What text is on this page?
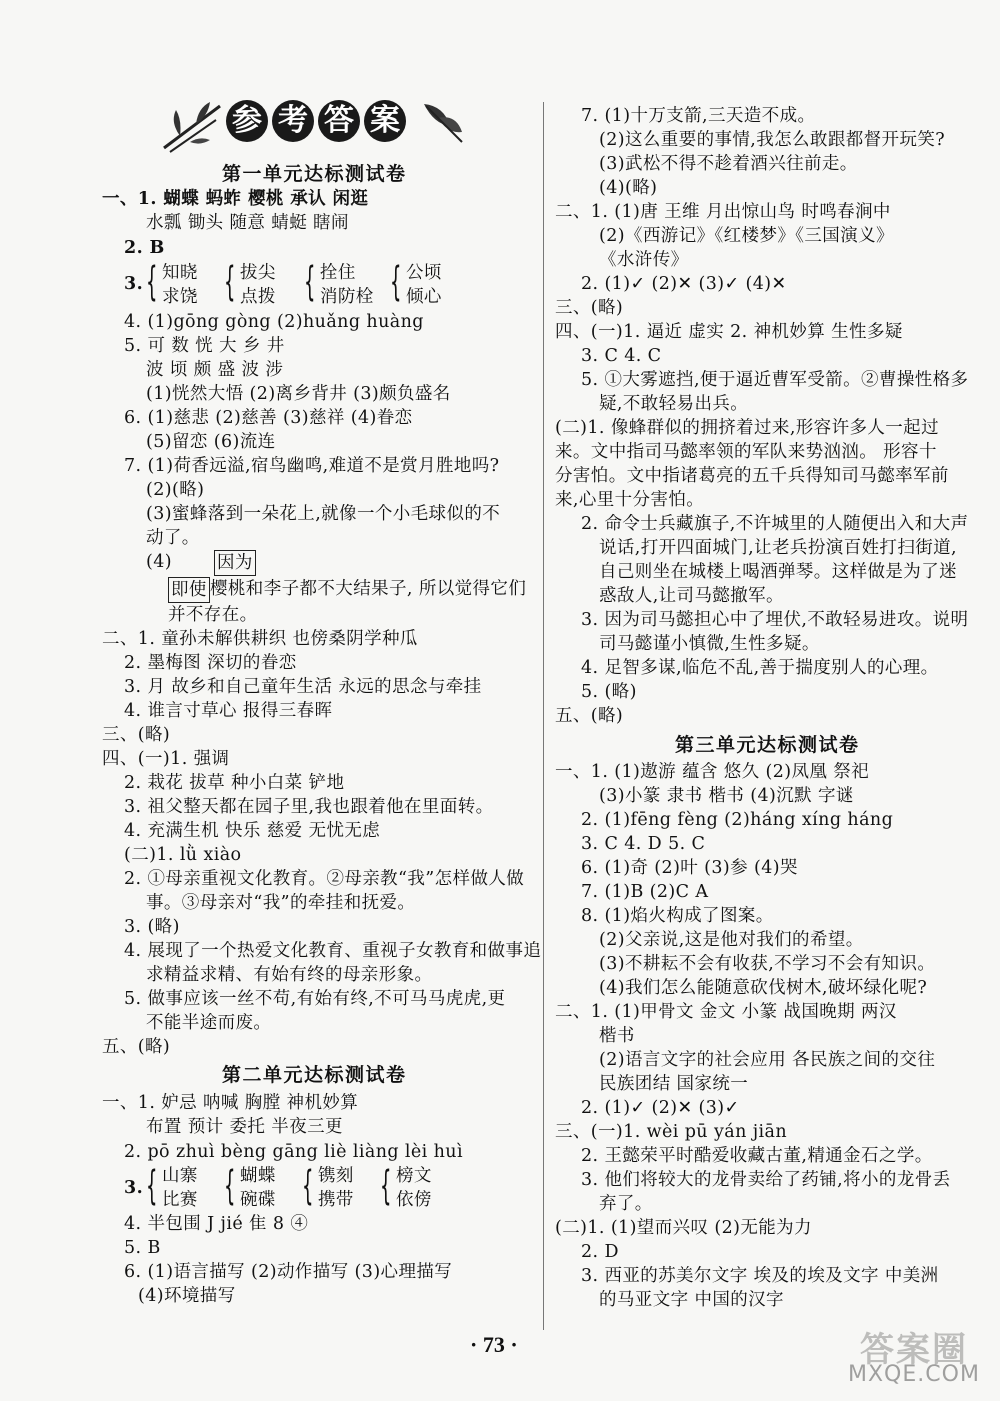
参 考 答 案
第一单元达标测试卷
一、1. 蝴蝶 蚂蚱 樱桃 承认 闲逛
水瓢 锄头 随意 蜻蜓 瞎闹
2. B
3. { 知晓
求饶 { 拔尖
点拨 { 拴住
消防栓 { 公顷
倾心
4. (1)gōng gòng (2)huǎng huàng
5. 可 数 恍 大 乡 井
波 顷 颇 盛 波 涉
(1)恍然大悟 (2)离乡背井 (3)颇负盛名
6. (1)慈悲 (2)慈善 (3)慈祥 (4)眷恋
(5)留恋 (6)流连
7. (1)荷香远溢,宿鸟幽鸣,难道不是赏月胜地吗?
(2)(略)
(3)蜜蜂落到一朵花上,就像一个小毛球似的不
动了。
(4)	因为
即使 樱桃和李子都不大结果子, 所以觉得它们
并不存在。
二、1. 童孙未解供耕织 也傍桑阴学种瓜
2. 墨梅图 深切的眷恋
3. 月 故乡和自己童年生活 永远的思念与牵挂
4. 谁言寸草心 报得三春晖
三、(略)
四、(一)1. 强调
2. 栽花 拔草 种小白菜 铲地
3. 祖父整天都在园子里,我也跟着他在里面转。
4. 充满生机 快乐 慈爱 无忧无虑
(二)1. lǜ xiào
2. ①母亲重视文化教育。②母亲教“我”怎样做人做
事。③母亲对“我”的牵挂和抚爱。
3. (略)
4. 展现了一个热爱文化教育、重视子女教育和做事追
求精益求精、有始有终的母亲形象。
5. 做事应该一丝不苟,有始有终,不可马马虎虎,更
不能半途而废。
五、(略)
第二单元达标测试卷
一、1. 妒忌 呐喊 胸膛 神机妙算
布置 预计 委托 半夜三更
2. pō zhuì bèng gāng liè liàng lèi huì
3. { 山寨
比赛 { 蝴蝶
碗碟 { 镌刻
携带 { 榜文
依傍
4. 半包围 J jié 隹 8 ④
5. B
6. (1)语言描写 (2)动作描写 (3)心理描写
(4)环境描写
7. (1)十万支箭,三天造不成。
(2)这么重要的事情,我怎么敢跟都督开玩笑?
(3)武松不得不趁着酒兴往前走。
(4)(略)
二、1. (1)唐 王维 月出惊山鸟 时鸣春涧中
(2)《西游记》《红楼梦》《三国演义》
《水浒传》
2. (1)✓ (2)✕ (3)✓ (4)✕
三、(略)
四、(一)1. 逼近 虚实 2. 神机妙算 生性多疑
3. C 4. C
5. ①大雾遮挡,便于逼近曹军受箭。②曹操性格多
疑,不敢轻易出兵。
(二)1. 像蜂群似的拥挤着过来,形容许多人一起过
来。文中指司马懿率领的军队来势汹汹。 形容十
分害怕。文中指诸葛亮的五千兵得知司马懿率军前
来,心里十分害怕。
2. 命令士兵藏旗子,不许城里的人随便出入和大声
说话,打开四面城门,让老兵扮演百姓打扫街道,
自己则坐在城楼上喝酒弹琴。这样做是为了迷
惑敌人,让司马懿撤军。
3. 因为司马懿担心中了埋伏,不敢轻易进攻。说明
司马懿谨小慎微,生性多疑。
4. 足智多谋,临危不乱,善于揣度别人的心理。
5. (略)
五、(略)
第三单元达标测试卷
一、1. (1)遨游 蕴含 悠久 (2)凤凰 祭祀
(3)小篆 隶书 楷书 (4)沉默 字谜
2. (1)fēng fèng (2)háng xíng háng
3. C 4. D 5. C
6. (1)奇 (2)叶 (3)参 (4)哭
7. (1)B (2)C A
8. (1)焰火构成了图案。
(2)父亲说,这是他对我们的希望。
(3)不耕耘不会有收获,不学习不会有知识。
(4)我们怎么能随意砍伐树木,破坏绿化呢?
二、1. (1)甲骨文 金文 小篆 战国晚期 两汉
楷书
(2)语言文字的社会应用 各民族之间的交往
民族团结 国家统一
2. (1)✓ (2)✕ (3)✓
三、(一)1. wèi pū yán jiān
2. 王懿荣平时酷爱收藏古董,精通金石之学。
3. 他们将较大的龙骨卖给了药铺,将小的龙骨丢
弃了。
(二)1. (1)望而兴叹 (2)无能为力
2. D
3. 西亚的苏美尔文字 埃及的埃及文字 中美洲
的马亚文字 中国的汉字
· 73 ·	答案圈
MXQE.COM
